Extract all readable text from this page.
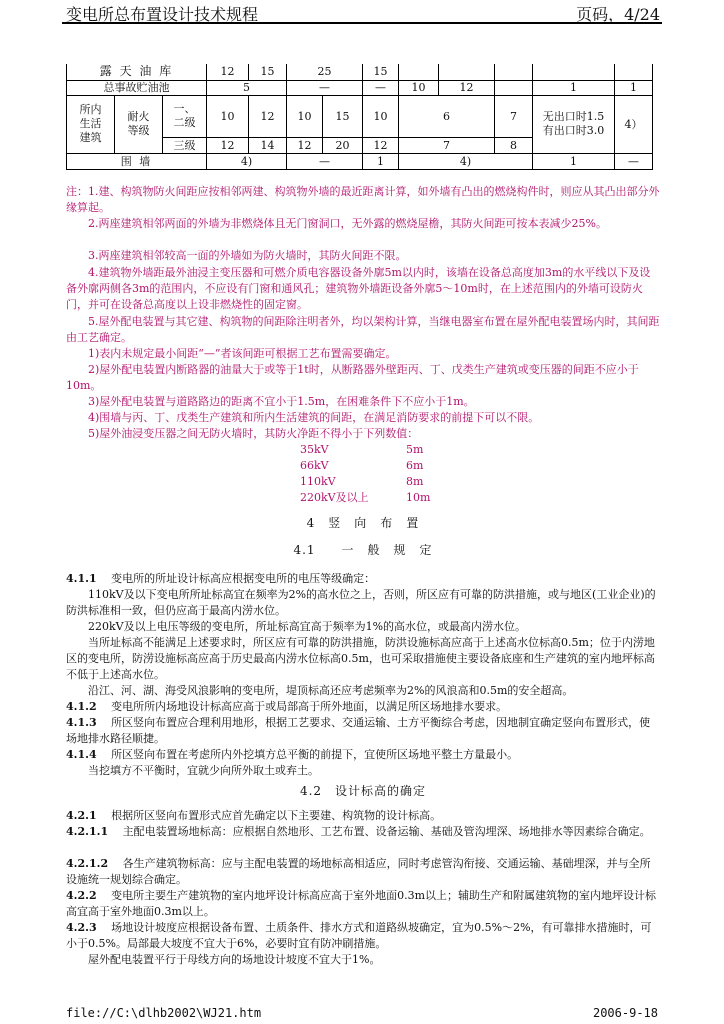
变电所总布置设计技术规程	页码，4/24
露 天 油 库			12	15	25		15					
总事故贮油池			5		—		—	10	12		1	1

所内生活建筑	耐火等级	一、二级	10	12	10	15	10	6		7	无出口时1.5 有出口时3.0	4）
		三级	12	14	12	20	12	7		8		
围 墙			4)		—		1	4)			1	—

注：1.建、构筑物防火间距应按相邻两建、构筑物外墙的最近距离计算，如外墙有凸出的燃烧构件时，则应从其凸出部分外缘算起。

2.两座建筑相邻两面的外墙为非燃烧体且无门窗洞口，无外露的燃烧屋檐，其防火间距可按本表减少25%。

3.两座建筑相邻较高一面的外墙如为防火墙时，其防火间距不限。

4.建筑物外墙距最外油浸主变压器和可燃介质电容器设备外廓5m以内时，该墙在设备总高度加3m的水平线以下及设备外廓两侧各3m的范围内，不应设有门窗和通风孔；建筑物外墙距设备外廓5～10m时，在上述范围内的外墙可设防火门，并可在设备总高度以上设非燃烧性的固定窗。

5.屋外配电装置与其它建、构筑物的间距除注明者外，均以架构计算，当继电器室布置在屋外配电装置场内时，其间距由工艺确定。

1)表内未规定最小间距“—”者该间距可根据工艺布置需要确定。

2)屋外配电装置内断路器的油量大于或等于1t时，从断路器外壁距丙、丁、戊类生产建筑或变压器的间距不应小于10m。

3)屋外配电装置与道路路边的距离不宜小于1.5m，在困难条件下不应小于1m。

4)围墙与丙、丁、戊类生产建筑和所内生活建筑的间距，在满足消防要求的前提下可以不限。

5)屋外油浸变压器之间无防火墙时，其防火净距不得小于下列数值：

35kV	5m
66kV	6m
110kV	8m
220kV及以上	10m
4　竖　向　布　置
4.1　　一　般　规　定

4.1.1　 变电所的所址设计标高应根据变电所的电压等级确定：

110kV及以下变电所所址标高宜在频率为2%的高水位之上，否则，所区应有可靠的防洪措施，或与地区(工业企业)的防洪标准相一致，但仍应高于最高内涝水位。

220kV及以上电压等级的变电所，所址标高宜高于频率为1%的高水位，或最高内涝水位。

当所址标高不能满足上述要求时，所区应有可靠的防洪措施，防洪设施标高应高于上述高水位标高0.5m；位于内涝地区的变电所，防涝设施标高应高于历史最高内涝水位标高0.5m，也可采取措施使主要设备底座和生产建筑的室内地坪标高不低于上述高水位。

沿江、河、湖、海受风浪影响的变电所，堤顶标高还应考虑频率为2%的风浪高和0.5m的安全超高。

4.1.2　 变电所所内场地设计标高应高于或局部高于所外地面，以满足所区场地排水要求。

4.1.3　 所区竖向布置应合理利用地形，根据工艺要求、交通运输、土方平衡综合考虑，因地制宜确定竖向布置形式，使场地排水路径顺捷。

4.1.4　 所区竖向布置在考虑所内外挖填方总平衡的前提下，宜使所区场地平整土方量最小。

当挖填方不平衡时，宜就少向所外取土或弃土。

4.2　设计标高的确定

4.2.1　 根据所区竖向布置形式应首先确定以下主要建、构筑物的设计标高。

4.2.1.1　 主配电装置场地标高：应根据自然地形、工艺布置、设备运输、基础及管沟埋深、场地排水等因素综合确定。

4.2.1.2　 各生产建筑物标高：应与主配电装置的场地标高相适应，同时考虑管沟衔接、交通运输、基础埋深，并与全所设施统一规划综合确定。

4.2.2　 变电所主要生产建筑物的室内地坪设计标高应高于室外地面0.3m以上；辅助生产和附属建筑物的室内地坪设计标高宜高于室外地面0.3m以上。

4.2.3　 场地设计坡度应根据设备布置、土质条件、排水方式和道路纵坡确定，宜为0.5%～2%，有可靠排水措施时，可小于0.5%。局部最大坡度不宜大于6%，必要时宜有防冲刷措施。

屋外配电装置平行于母线方向的场地设计坡度不宜大于1%。

file://C:\dlhb2002\WJ21.htm	2006-9-18
